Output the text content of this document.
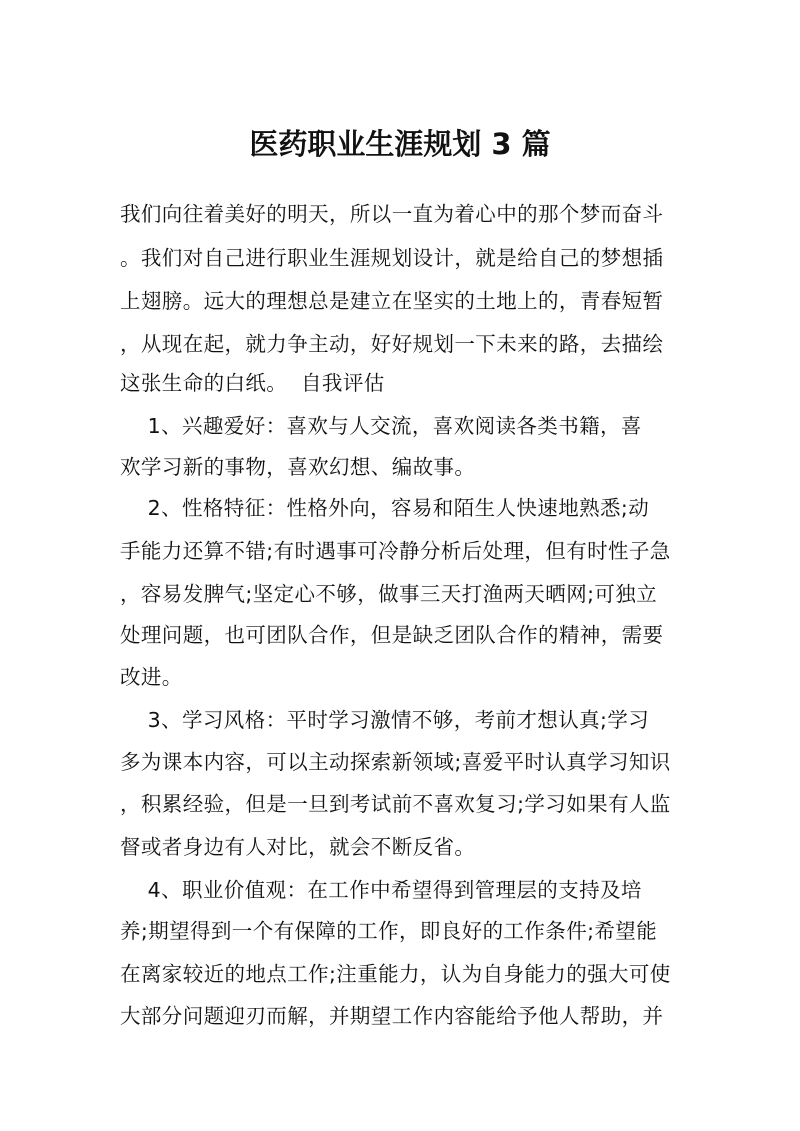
医药职业生涯规划 3 篇

我们向往着美好的明天，所以一直为着心中的那个梦而奋斗

。我们对自己进行职业生涯规划设计，就是给自己的梦想插

上翅膀。远大的理想总是建立在坚实的土地上的，青春短暂

，从现在起，就力争主动，好好规划一下未来的路，去描绘

这张生命的白纸。  自我评估

1、兴趣爱好：喜欢与人交流，喜欢阅读各类书籍，喜

欢学习新的事物，喜欢幻想、编故事。

2、性格特征：性格外向，容易和陌生人快速地熟悉;动

手能力还算不错;有时遇事可冷静分析后处理，但有时性子急

，容易发脾气;坚定心不够，做事三天打渔两天晒网;可独立

处理问题，也可团队合作，但是缺乏团队合作的精神，需要

改进。

3、学习风格：平时学习激情不够，考前才想认真;学习

多为课本内容，可以主动探索新领域;喜爱平时认真学习知识

，积累经验，但是一旦到考试前不喜欢复习;学习如果有人监

督或者身边有人对比，就会不断反省。

4、职业价值观：在工作中希望得到管理层的支持及培

养;期望得到一个有保障的工作，即良好的工作条件;希望能

在离家较近的地点工作;注重能力，认为自身能力的强大可使

大部分问题迎刃而解，并期望工作内容能给予他人帮助，并
